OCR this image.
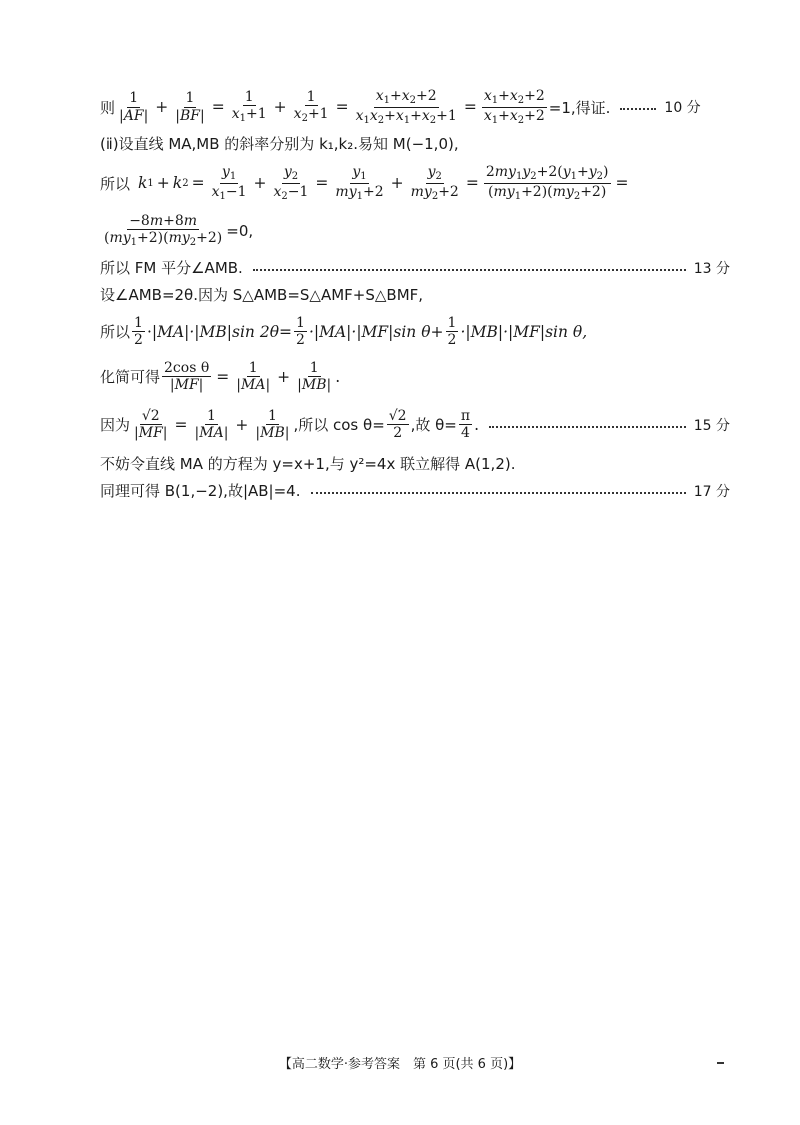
则 $\frac{1}{|AF|} + \frac{1}{|BF|} = \frac{1}{x_1+1} + \frac{1}{x_2+1} = \frac{x_1+x_2+2}{x_1x_2+x_1+x_2+1} = \frac{x_1+x_2+2}{x_1+x_2+2} =1$,得证.	10 分
(ⅱ)设直线 MA,MB 的斜率分别为 k₁,k₂.易知 M(−1,0),
所以 k 1 + k $2 = \frac{y_1}{x_1-1} + \frac{y_2}{x_2-1} = \frac{y_1}{my_1+2} + \frac{y_2}{my_2+2} = \frac{2my_1y_2+2(y_1+y_2)}{(my_1+2)(my_2+2)}$ =
$\frac{-8m+8m}{(my_1+2)(my_2+2)} =0$,
所以 FM 平分∠AMB.	13 分
设∠AMB=2θ.因为 S△AMB=S△AMF+S△BMF,
所以 $\frac{1}{2} \cdot |MA|\cdot|MB|\sin$ $2\theta= \frac{1}{2} \cdot|MA|\cdot|MF|\sin$ $\theta+ \frac{1}{2} \cdot|MB|\cdot|MF|\sin$ θ,
化简可得 $\frac{\text{2cos θ}}{|MF|} = \frac{1}{|MA|} + \frac{1}{|MB|}$ .
因为 $\frac{√2}{|MF|} = \frac{1}{|MA|} + \frac{1}{|MB|}$ ,所以 $\cos \theta= \frac{√2}{2}$ ,故 $\theta= \frac{\pi}{4}$ .	15 分
不妨令直线 MA 的方程为 y=x+1,与 y²=4x 联立解得 A(1,2).
同理可得 B(1,−2),故|AB|=4.	17 分
【高二数学·参考答案　第 6 页(共 6 页)】
